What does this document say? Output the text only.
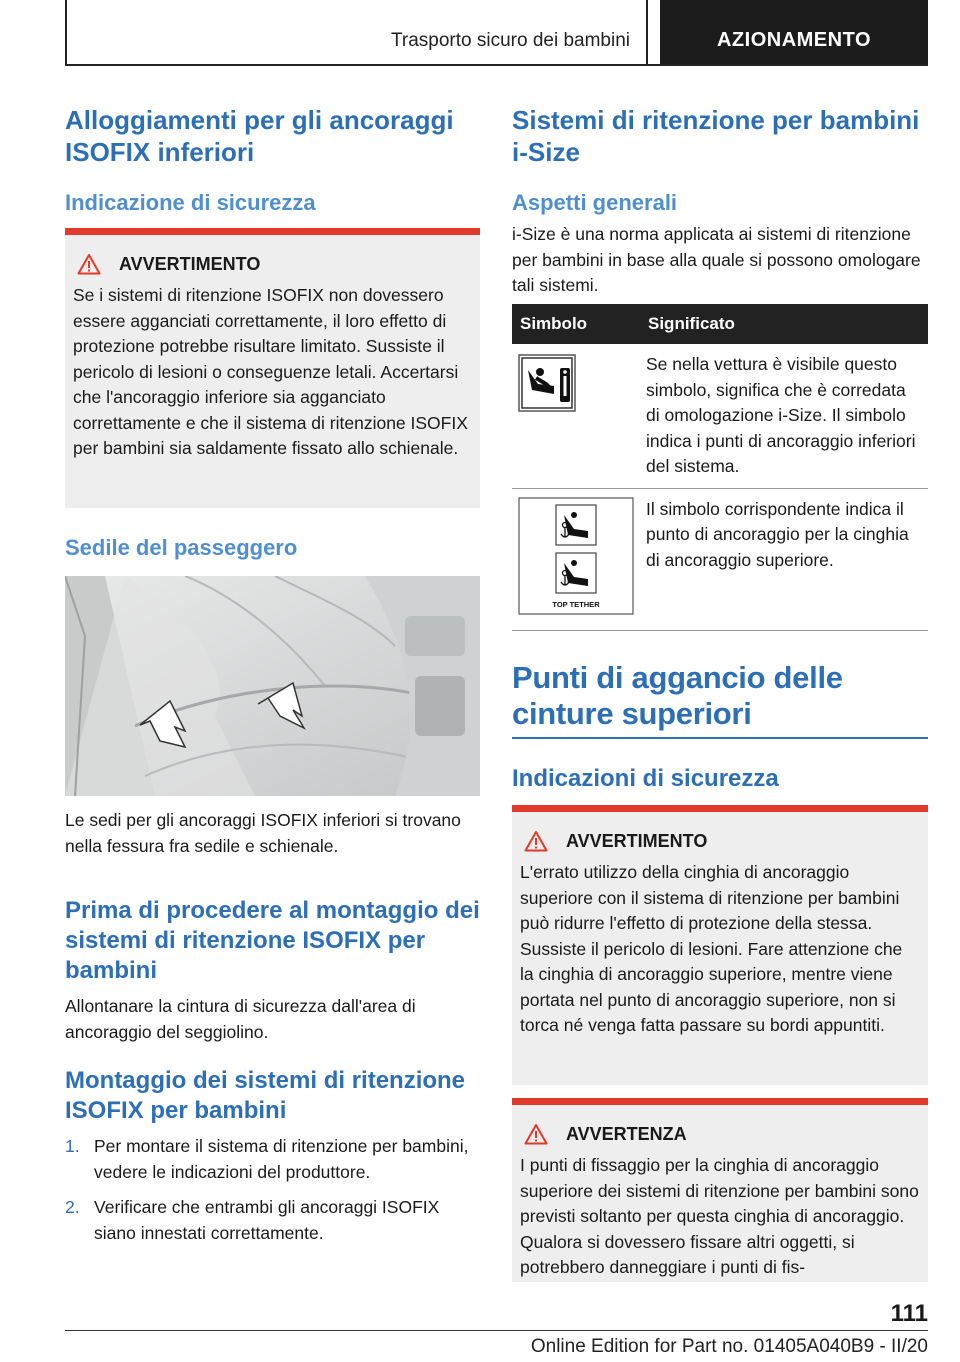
Trasporto sicuro dei bambini	AZIONAMENTO
Alloggiamenti per gli ancoraggi ISOFIX inferiori
Indicazione di sicurezza
AVVERTIMENTO
Se i sistemi di ritenzione ISOFIX non dovessero essere agganciati correttamente, il loro effetto di protezione potrebbe risultare limitato. Sussiste il pericolo di lesioni o conseguenze letali. Accertarsi che l'ancoraggio inferiore sia agganciato correttamente e che il sistema di ritenzione ISOFIX per bambini sia saldamente fissato allo schienale.
Sedile del passeggero
Le sedi per gli ancoraggi ISOFIX inferiori si trovano nella fessura fra sedile e schienale.
Prima di procedere al montaggio dei sistemi di ritenzione ISOFIX per bambini
Allontanare la cintura di sicurezza dall'area di ancoraggio del seggiolino.
Montaggio dei sistemi di ritenzione ISOFIX per bambini
1. Per montare il sistema di ritenzione per bambini, vedere le indicazioni del produttore.
2. Verificare che entrambi gli ancoraggi ISOFIX siano innestati correttamente.
Sistemi di ritenzione per bambini i-Size
Aspetti generali
i-Size è una norma applicata ai sistemi di ritenzione per bambini in base alla quale si possono omologare tali sistemi.
Simbolo	Significato
	Se nella vettura è visibile questo simbolo, significa che è corredata di omologazione i-Size. Il simbolo indica i punti di ancoraggio inferiori del sistema.

TOP TETHER	Il simbolo corrispondente indica il punto di ancoraggio per la cinghia di ancoraggio superiore.
Punti di aggancio delle cinture superiori
Indicazioni di sicurezza
AVVERTIMENTO
L'errato utilizzo della cinghia di ancoraggio superiore con il sistema di ritenzione per bambini può ridurre l'effetto di protezione della stessa. Sussiste il pericolo di lesioni. Fare attenzione che la cinghia di ancoraggio superiore, mentre viene portata nel punto di ancoraggio superiore, non si torca né venga fatta passare su bordi appuntiti.
AVVERTENZA
I punti di fissaggio per la cinghia di ancoraggio superiore dei sistemi di ritenzione per bambini sono previsti soltanto per questa cinghia di ancoraggio. Qualora si dovessero fissare altri oggetti, si potrebbero danneggiare i punti di fis-
111
Online Edition for Part no. 01405A040B9 - II/20
